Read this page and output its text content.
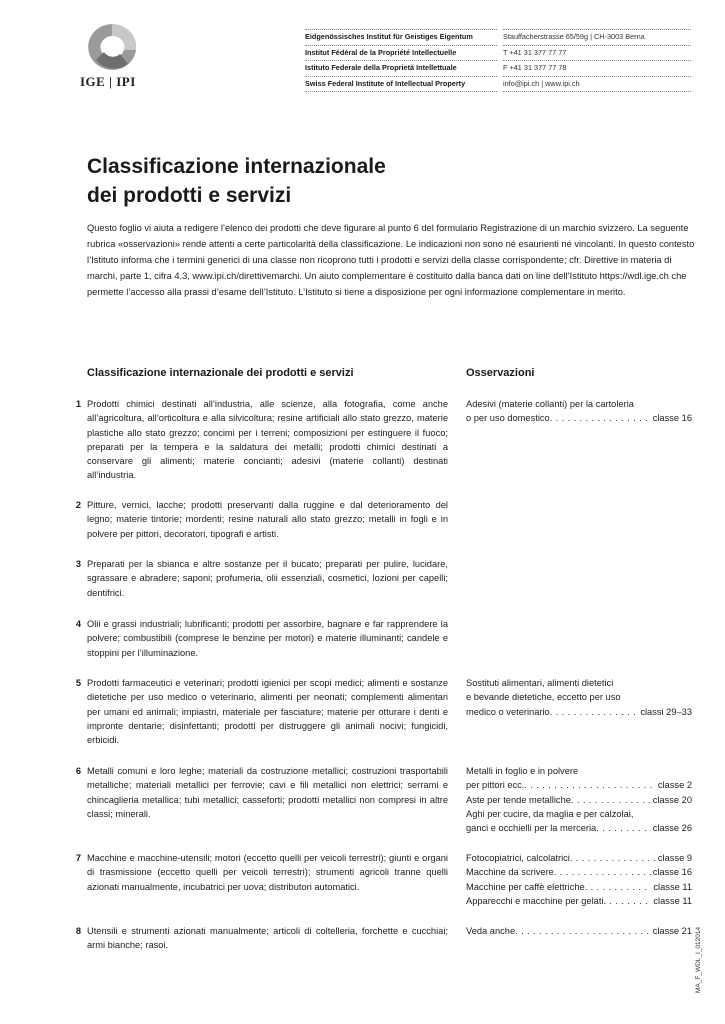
IGE | IPI
Eidgenössisches Institut für Geistiges Eigentum
Institut Fédéral de la Propriété Intellectuelle
Istituto Federale della Proprietà Intellettuale
Swiss Federal Institute of Intellectual Property
Stauffacherstrasse 65/59g | CH-3003 Berna
T +41 31 377 77 77
F +41 31 377 77 78
info@ipi.ch | www.ipi.ch
Classificazione internazionale
dei prodotti e servizi

Questo foglio vi aiuta a redigere l’elenco dei prodotti che deve figurare al punto 6 del formulario Registrazione di un marchio svizzero. La seguente rubrica «osservazioni» rende attenti a certe particolarità della classificazione. Le indicazioni non sono né esaurienti né vincolanti. In questo contesto l’Istituto informa che i termini generici di una classe non ricoprono tutti i prodotti e servizi della classe corrispondente; cfr. Direttive in materia di marchi, parte 1, cifra 4.3, www.ipi.ch/direttivemarchi. Un aiuto complementare è costituito dalla banca dati on line dell’Istituto https://wdl.ige.ch che permette l’accesso alla prassi d’esame dell’Istituto. L’Istituto si tiene a disposizione per ogni informazione complementare in merito.

Classificazione internazionale dei prodotti e servizi	Osservazioni
1 Prodotti chimici destinati all’industria, alle scienze, alla fotografia, come anche all’agricoltura, all’orticoltura e alla silvicoltura; resine artificiali allo stato grezzo, materie plastiche allo stato grezzo; concimi per i terreni; composizioni per estinguere il fuoco; preparati per la tempera e la saldatura dei metalli; prodotti chimici destinati a conservare gli alimenti; materie concianti; adesivi (materie collanti) destinati all’industria.

Adesivi (materie collanti) per la cartoleria
o per uso domestico . . .	classe 16
2 Pitture, vernici, lacche; prodotti preservanti dalla ruggine e dal deterioramento del legno; materie tintorie; mordenti; resine naturali allo stato grezzo; metalli in fogli e in polvere per pittori, decoratori, tipografi e artisti.

3 Preparati per la sbianca e altre sostanze per il bucato; preparati per pulire, lucidare, sgrassare e abradere; saponi; profumeria, olii essenziali, cosmetici, lozioni per capelli; dentifrici.

4 Olii e grassi industriali; lubrificanti; prodotti per assorbire, bagnare e far rapprendere la polvere; combustibili (comprese le benzine per motori) e materie illuminanti; candele e stoppini per l’illuminazione.

5 Prodotti farmaceutici e veterinari; prodotti igienici per scopi medici; alimenti e sostanze dietetiche per uso medico o veterinario, alimenti per neonati; complementi alimentari per umani ed animali; impiastri, materiale per fasciature; materie per otturare i denti e impronte dentarie; disinfettanti; prodotti per distruggere gli animali nocivi; fungicidi, erbicidi.

Sostituti alimentari, alimenti dietetici
e bevande dietetiche, eccetto per uso
medico o veterinario . . .	classi 29–33
6 Metalli comuni e loro leghe; materiali da costruzione metallici; costruzioni trasportabili metalliche; materiali metallici per ferrovie; cavi e fili metallici non elettrici; serrami e chincaglieria metallica; tubi metallici; casseforti; prodotti metallici non compresi in altre classi; minerali.

Metalli in foglio e in polvere
per pittori ecc. . . .	classe 2
Aste per tende metalliche . . .	classe 20
Aghi per cucire, da maglia e per calzolai,
ganci e occhielli per la merceria . . .	classe 26
7 Macchine e macchine-utensili; motori (eccetto quelli per veicoli terrestri); giunti e organi di trasmissione (eccetto quelli per veicoli terrestri); strumenti agricoli tranne quelli azionati manualmente, incubatrici per uova; distributori automatici.

Fotocopiatrici, calcolatrici . . .	classe 9
Macchine da scrivere . . .	classe 16
Macchine per caffè elettriche . . .	classe 11
Apparecchi e macchine per gelati . . .	classe 11
8 Utensili e strumenti azionati manualmente; articoli di coltelleria, forchette e cucchiai; armi bianche; rasoi.

Veda anche . . .	classe 21 MA_F_WDL_I_012014
